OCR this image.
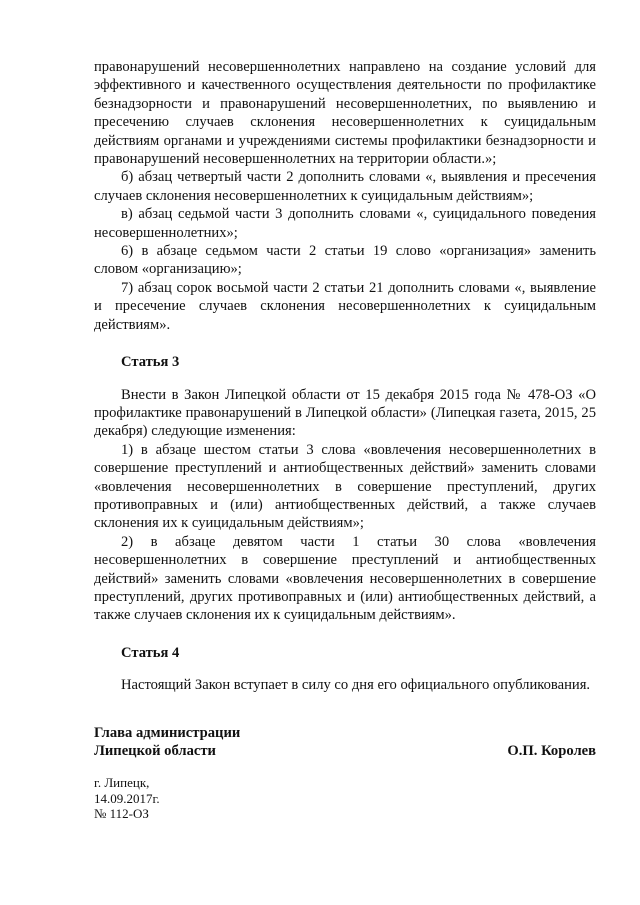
правонарушений несовершеннолетних направлено на создание условий для эффективного и качественного осуществления деятельности по профилактике безнадзорности и правонарушений несовершеннолетних, по выявлению и пресечению случаев склонения несовершеннолетних к суицидальным действиям органами и учреждениями системы профилактики безнадзорности и правонарушений несовершеннолетних на территории области.»;

б) абзац четвертый части 2 дополнить словами «, выявления и пресечения случаев склонения несовершеннолетних к суицидальным действиям»;

в) абзац седьмой части 3 дополнить словами «, суицидального поведения несовершеннолетних»;

6) в абзаце седьмом части 2 статьи 19 слово «организация» заменить словом «организацию»;

7) абзац сорок восьмой части 2 статьи 21 дополнить словами «, выявление и пресечение случаев склонения несовершеннолетних к суицидальным действиям».

Статья 3

Внести в Закон Липецкой области от 15 декабря 2015 года № 478-ОЗ «О профилактике правонарушений в Липецкой области» (Липецкая газета, 2015, 25 декабря) следующие изменения:

1) в абзаце шестом статьи 3 слова «вовлечения несовершеннолетних в совершение преступлений и антиобщественных действий» заменить словами «вовлечения несовершеннолетних в совершение преступлений, других противоправных и (или) антиобщественных действий, а также случаев склонения их к суицидальным действиям»;

2) в абзаце девятом части 1 статьи 30 слова «вовлечения несовершеннолетних в совершение преступлений и антиобщественных действий» заменить словами «вовлечения несовершеннолетних в совершение преступлений, других противоправных и (или) антиобщественных действий, а также случаев склонения их к суицидальным действиям».

Статья 4

Настоящий Закон вступает в силу со дня его официального опубликования.

Глава администрации

Липецкой области	О.П. Королев

г. Липецк,

14.09.2017г.

№ 112-ОЗ
